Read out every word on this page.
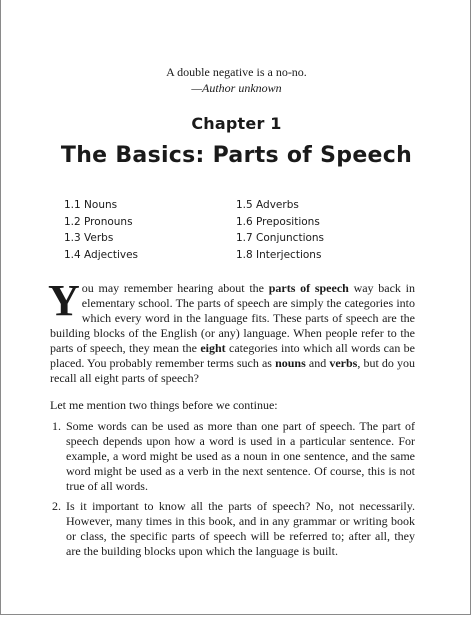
A double negative is a no-no.
—Author unknown
Chapter 1
The Basics: Parts of Speech
1.1 Nouns
1.2 Pronouns
1.3 Verbs
1.4 Adjectives
1.5 Adverbs
1.6 Prepositions
1.7 Conjunctions
1.8 Interjections

You may remember hearing about the parts of speech way back in elementary school. The parts of speech are simply the categories into which every word in the language fits. These parts of speech are the building blocks of the English (or any) language. When people refer to the parts of speech, they mean the eight categories into which all words can be placed. You probably remember terms such as nouns and verbs, but do you recall all eight parts of speech?

Let me mention two things before we continue:

1. Some words can be used as more than one part of speech. The part of speech depends upon how a word is used in a particular sentence. For example, a word might be used as a noun in one sentence, and the same word might be used as a verb in the next sentence. Of course, this is not true of all words.
2. Is it important to know all the parts of speech? No, not necessarily. However, many times in this book, and in any grammar or writing book or class, the specific parts of speech will be referred to; after all, they are the building blocks upon which the language is built.
